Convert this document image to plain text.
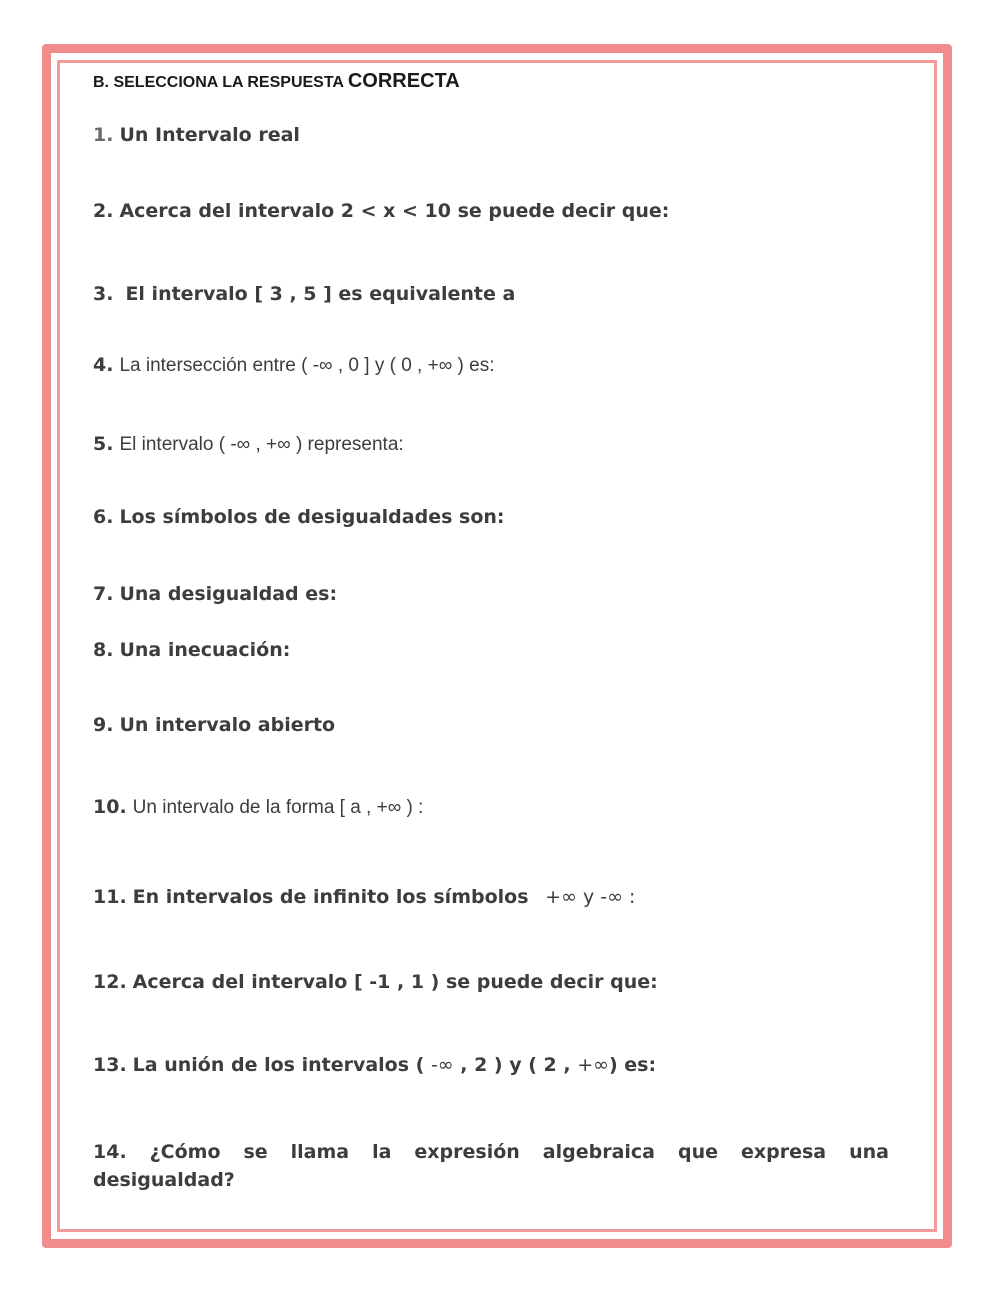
B. SELECCIONA LA RESPUESTA CORRECTA
1. Un Intervalo real
2. Acerca del intervalo 2 < x < 10 se puede decir que:
3. El intervalo [ 3 , 5 ] es equivalente a
4. La intersección entre ( -∞ , 0 ] y ( 0 , +∞ ) es:
5. El intervalo ( -∞ , +∞ ) representa:
6. Los símbolos de desigualdades son:
7. Una desigualdad es:
8. Una inecuación:
9. Un intervalo abierto
10. Un intervalo de la forma [ a , +∞ ) :
11. En intervalos de infinito los símbolos +∞ y -∞ :
12. Acerca del intervalo [ -1 , 1 ) se puede decir que:
13. La unión de los intervalos ( -∞ , 2 ) y ( 2 , +∞) es:
14. ¿Cómo se llama la expresión algebraica que expresa una
desigualdad?
